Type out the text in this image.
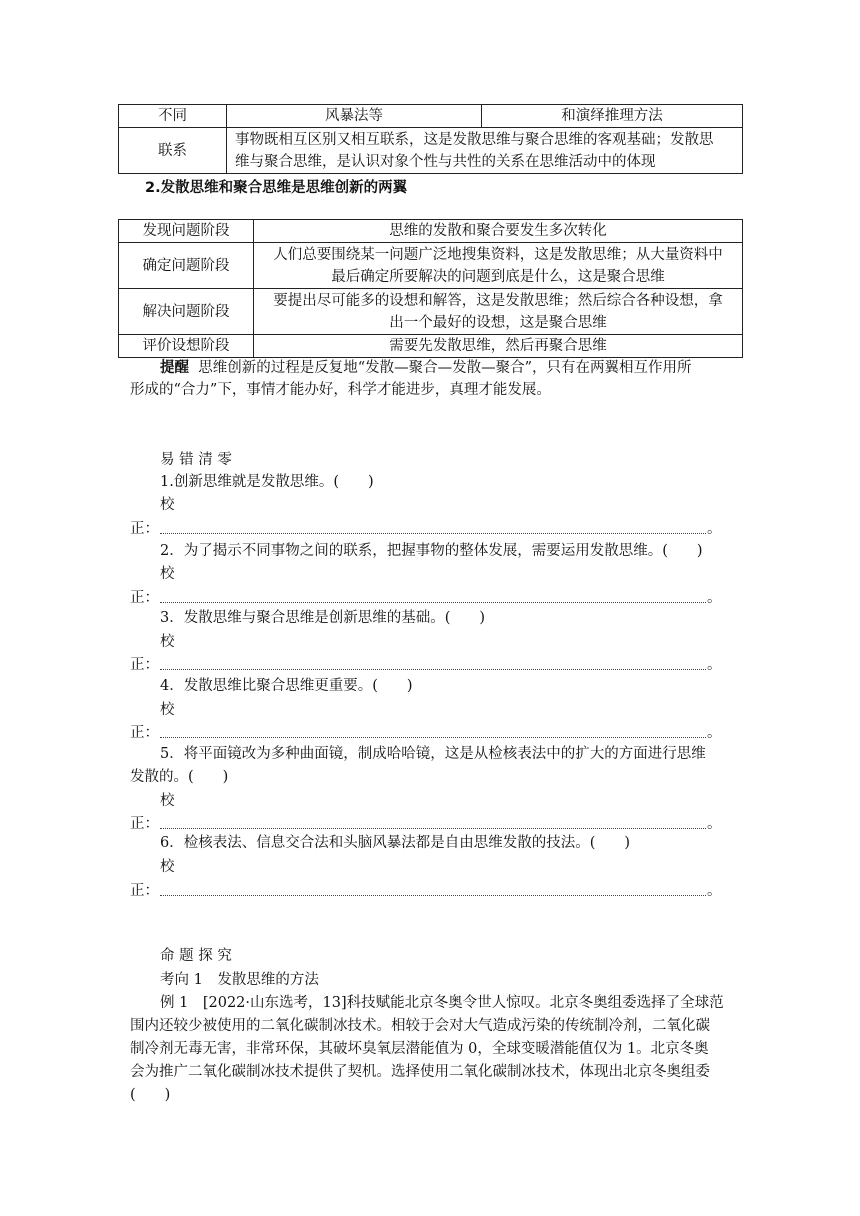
不同	风暴法等	和演绎推理方法
联系	事物既相互区别又相互联系，这是发散思维与聚合思维的客观基础；发散思
维与聚合思维，是认识对象个性与共性的关系在思维活动中的体现	
2.发散思维和聚合思维是思维创新的两翼
发现问题阶段	思维的发散和聚合要发生多次转化

确定问题阶段	人们总要围绕某一问题广泛地搜集资料，这是发散思维；从大量资料中
最后确定所要解决的问题到底是什么，这是聚合思维

解决问题阶段	要提出尽可能多的设想和解答，这是发散思维；然后综合各种设想，拿
出一个最好的设想，这是聚合思维

评价设想阶段	需要先发散思维，然后再聚合思维
提醒 思维创新的过程是反复地“发散—聚合—发散—聚合”，只有在两翼相互作用所
形成的“合力”下，事情才能办好，科学才能进步，真理才能发展。
易 错 清 零
1.创新思维就是发散思维。(　　)
校
正：	。
2．为了揭示不同事物之间的联系，把握事物的整体发展，需要运用发散思维。(　　)
校
正：	。
3．发散思维与聚合思维是创新思维的基础。(　　)
校
正：	。
4．发散思维比聚合思维更重要。(　　)
校
正：	。
5．将平面镜改为多种曲面镜，制成哈哈镜，这是从检核表法中的扩大的方面进行思维
发散的。(　　)
校
正：	。
6．检核表法、信息交合法和头脑风暴法都是自由思维发散的技法。(　　)
校
正：	。
命 题 探 究
考向 1　发散思维的方法
例 1　[2022·山东选考，13]科技赋能北京冬奥令世人惊叹。北京冬奥组委选择了全球范
围内还较少被使用的二氧化碳制冰技术。相较于会对大气造成污染的传统制冷剂，二氧化碳
制冷剂无毒无害，非常环保，其破坏臭氧层潜能值为 0，全球变暖潜能值仅为 1。北京冬奥
会为推广二氧化碳制冰技术提供了契机。选择使用二氧化碳制冰技术，体现出北京冬奥组委
(　　)
